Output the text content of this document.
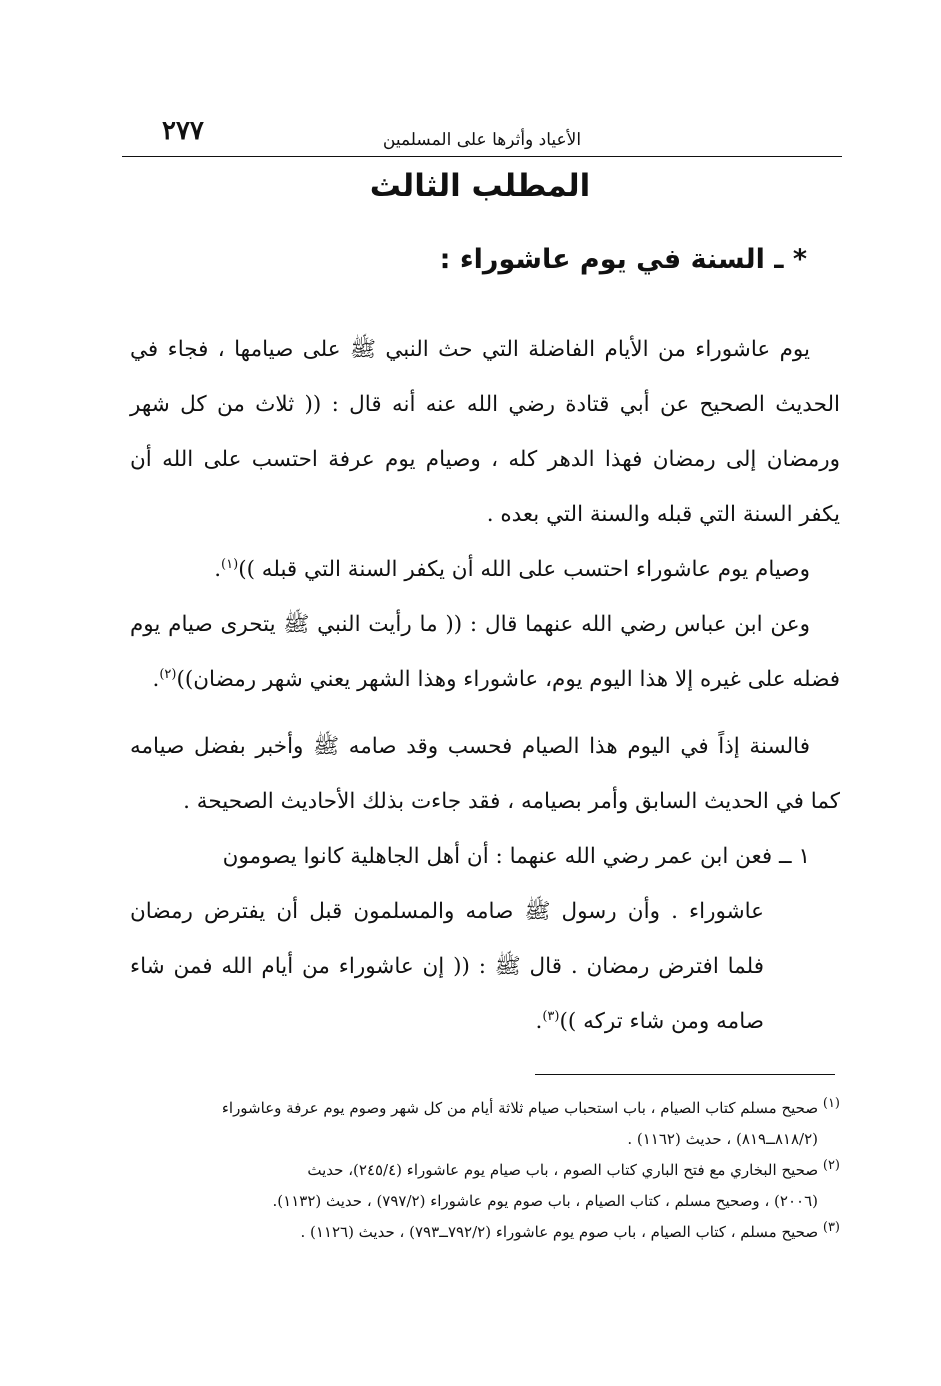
٢٧٧	الأعياد وأثرها على المسلمين
المطلب الثالث
* ـ السنة في يوم عاشوراء :

يوم عاشوراء من الأيام الفاضلة التي حث النبي ﷺ على صيامها ، فجاء في الحديث الصحيح عن أبي قتادة رضي الله عنه أنه قال : (( ثلاث من كل شهر ورمضان إلى رمضان فهذا الدهر كله ، وصيام يوم عرفة احتسب على الله أن يكفر السنة التي قبله والسنة التي بعده .

وصيام يوم عاشوراء احتسب على الله أن يكفر السنة التي قبله ))$^{(١)}$.

وعن ابن عباس رضي الله عنهما قال : (( ما رأيت النبي ﷺ يتحرى صيام يوم فضله على غيره إلا هذا اليوم يوم، عاشوراء وهذا الشهر يعني شهر رمضان))$^{(٢)}$.

فالسنة إذاً في اليوم هذا الصيام فحسب وقد صامه ﷺ وأخبر بفضل صيامه كما في الحديث السابق وأمر بصيامه ، فقد جاءت بذلك الأحاديث الصحيحة .

١ ــ فعن ابن عمر رضي الله عنهما : أن أهل الجاهلية كانوا يصومون

عاشوراء . وأن رسول ﷺ صامه والمسلمون قبل أن يفترض رمضان فلما افترض رمضان . قال ﷺ : (( إن عاشوراء من أيام الله فمن شاء صامه ومن شاء تركه ))$^{(٣)}$.

$^{(١)}$ صحيح مسلم كتاب الصيام ، باب استحباب صيام ثلاثة أيام من كل شهر وصوم يوم عرفة وعاشوراء

(٨١٨/٢ــ٨١٩) ، حديث (١١٦٢) .

$^{(٢)}$ صحيح البخاري مع فتح الباري كتاب الصوم ، باب صيام يوم عاشوراء (٢٤٥/٤)، حديث

(٢٠٠٦) ، وصحيح مسلم ، كتاب الصيام ، باب صوم يوم عاشوراء (٧٩٧/٢) ، حديث (١١٣٢).

$^{(٣)}$ صحيح مسلم ، كتاب الصيام ، باب صوم يوم عاشوراء (٧٩٢/٢ــ٧٩٣) ، حديث (١١٢٦) .
